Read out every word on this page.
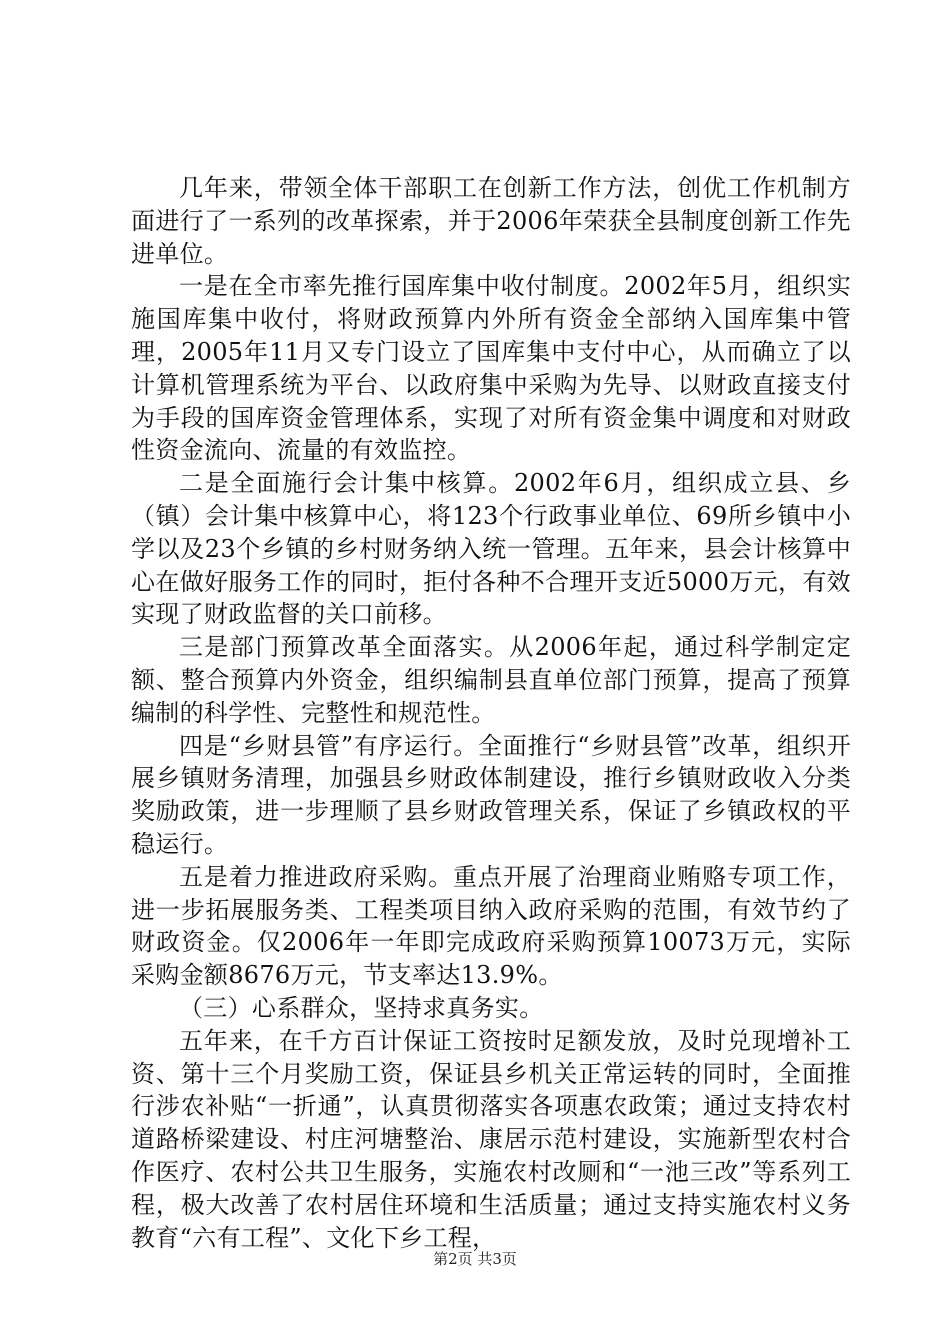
几年来，带领全体干部职工在创新工作方法，创优工作机制方面进行了一系列的改革探索，并于2006年荣获全县制度创新工作先进单位。

一是在全市率先推行国库集中收付制度。2002年5月，组织实施国库集中收付，将财政预算内外所有资金全部纳入国库集中管理，2005年11月又专门设立了国库集中支付中心，从而确立了以计算机管理系统为平台、以政府集中采购为先导、以财政直接支付为手段的国库资金管理体系，实现了对所有资金集中调度和对财政性资金流向、流量的有效监控。

二是全面施行会计集中核算。2002年6月，组织成立县、乡（镇）会计集中核算中心，将123个行政事业单位、69所乡镇中小学以及23个乡镇的乡村财务纳入统一管理。五年来，县会计核算中心在做好服务工作的同时，拒付各种不合理开支近5000万元，有效实现了财政监督的关口前移。

三是部门预算改革全面落实。从2006年起，通过科学制定定额、整合预算内外资金，组织编制县直单位部门预算，提高了预算编制的科学性、完整性和规范性。

四是“乡财县管”有序运行。全面推行“乡财县管”改革，组织开展乡镇财务清理，加强县乡财政体制建设，推行乡镇财政收入分类奖励政策，进一步理顺了县乡财政管理关系，保证了乡镇政权的平稳运行。

五是着力推进政府采购。重点开展了治理商业贿赂专项工作，进一步拓展服务类、工程类项目纳入政府采购的范围，有效节约了财政资金。仅2006年一年即完成政府采购预算10073万元，实际采购金额8676万元，节支率达13.9%。

（三）心系群众，坚持求真务实。

五年来，在千方百计保证工资按时足额发放，及时兑现增补工资、第十三个月奖励工资，保证县乡机关正常运转的同时，全面推行涉农补贴“一折通”，认真贯彻落实各项惠农政策；通过支持农村道路桥梁建设、村庄河塘整治、康居示范村建设，实施新型农村合作医疗、农村公共卫生服务，实施农村改厕和“一池三改”等系列工程，极大改善了农村居住环境和生活质量；通过支持实施农村义务教育“六有工程”、文化下乡工程，

第2页 共3页
